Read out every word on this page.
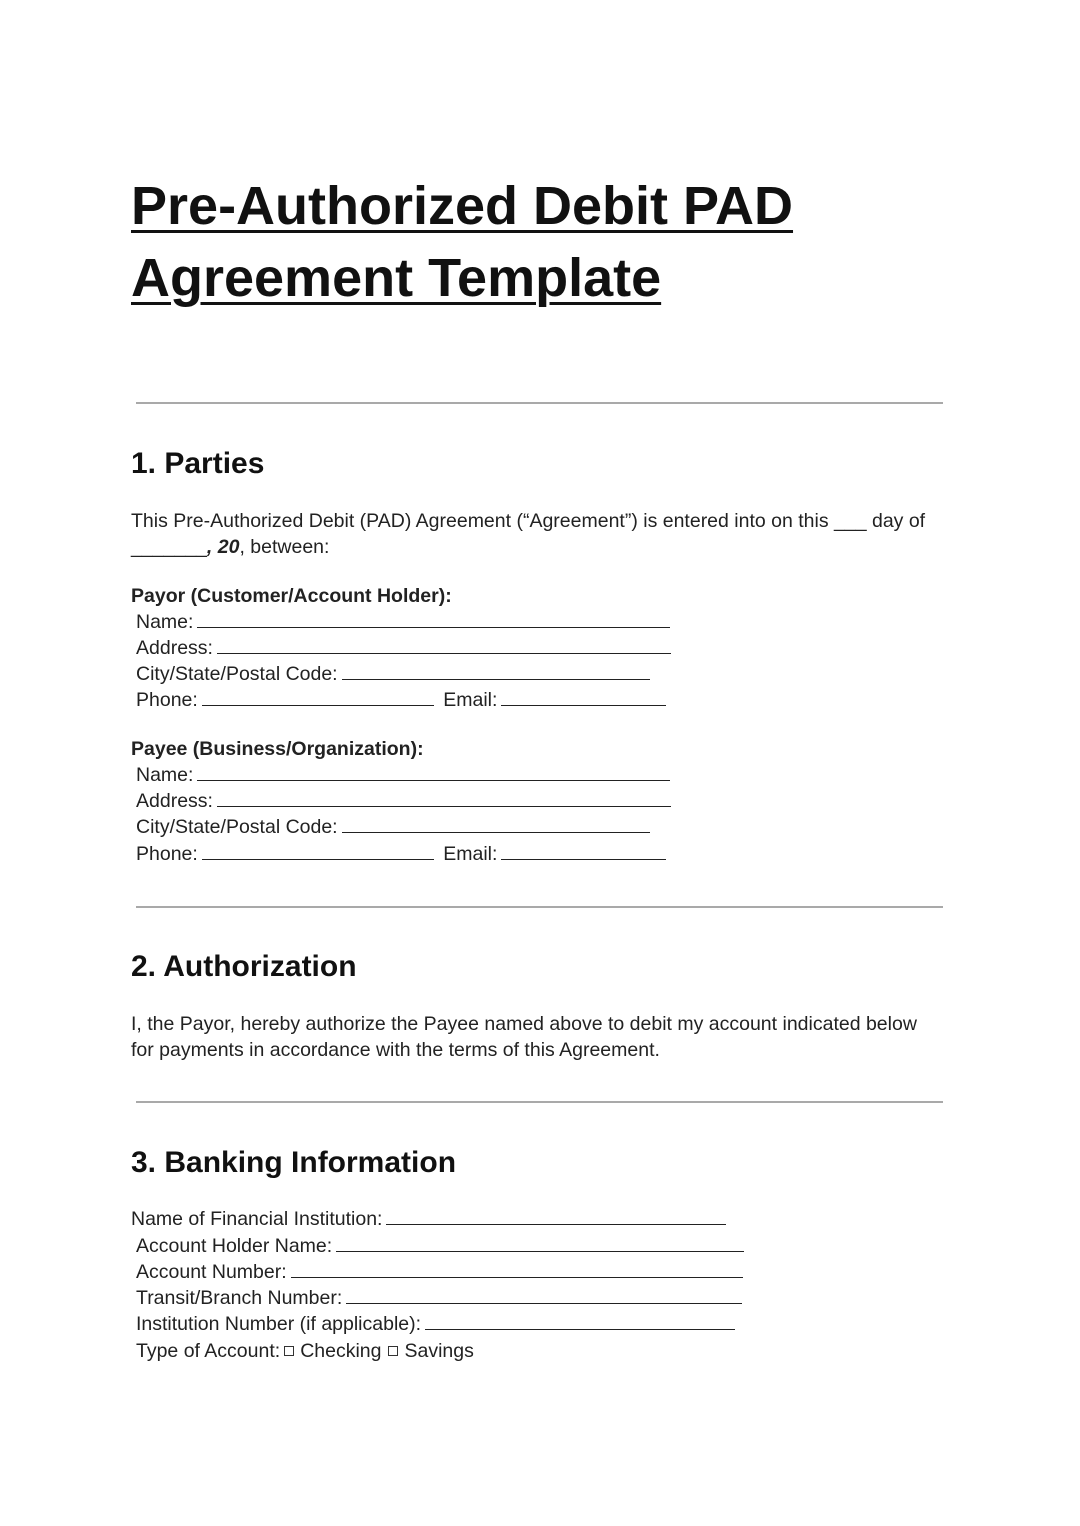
Pre-Authorized Debit PAD
Agreement Template
1. Parties

This Pre-Authorized Debit (PAD) Agreement (“Agreement”) is entered into on this ___ day of
_______, 20, between:

Payor (Customer/Account Holder):
Name:
Address:
City/State/Postal Code:
Phone:	Email:
Payee (Business/Organization):
Name:
Address:
City/State/Postal Code:
Phone:	Email:
2. Authorization

I, the Payor, hereby authorize the Payee named above to debit my account indicated below
for payments in accordance with the terms of this Agreement.

3. Banking Information
Name of Financial Institution:
Account Holder Name:
Account Number:
Transit/Branch Number:
Institution Number (if applicable):
Type of Account: Checking Savings
